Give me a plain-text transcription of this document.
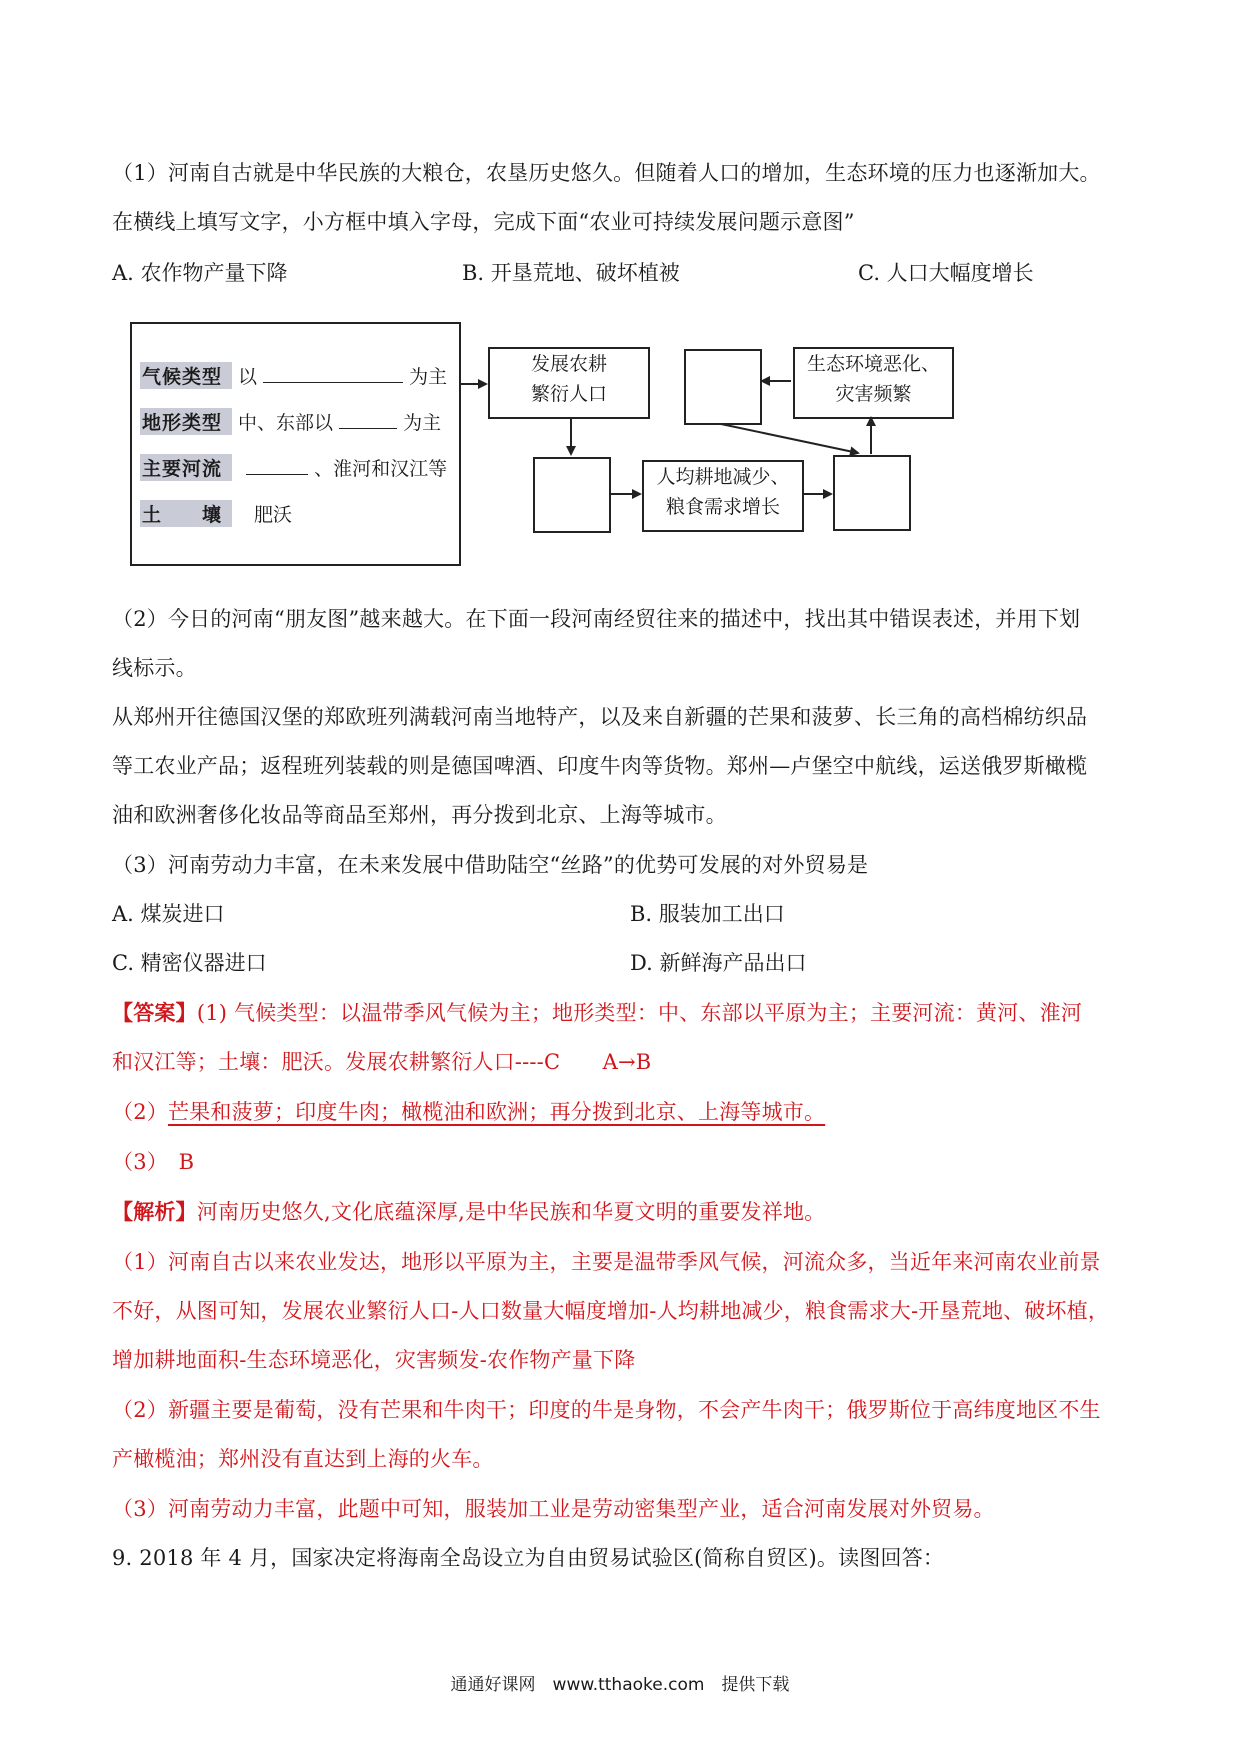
（1）河南自古就是中华民族的大粮仓，农垦历史悠久。但随着人口的增加，生态环境的压力也逐渐加大。
在横线上填写文字，小方框中填入字母，完成下面“农业可持续发展问题示意图”
A. 农作物产量下降	B. 开垦荒地、破坏植被	C. 人口大幅度增长
气候类型 以	为主
地形类型 中、东部以	为主
主要河流	、淮河和汉江等
土　　壤 肥沃
发展农耕
繁衍人口
生态环境恶化、
灾害频繁
人均耕地减少、
粮食需求增长
（2）今日的河南“朋友图”越来越大。在下面一段河南经贸往来的描述中，找出其中错误表述，并用下划
线标示。
从郑州开往德国汉堡的郑欧班列满载河南当地特产，以及来自新疆的芒果和菠萝、长三角的高档棉纺织品
等工农业产品；返程班列装载的则是德国啤酒、印度牛肉等货物。郑州—卢堡空中航线，运送俄罗斯橄榄
油和欧洲奢侈化妆品等商品至郑州，再分拨到北京、上海等城市。
（3）河南劳动力丰富，在未来发展中借助陆空“丝路”的优势可发展的对外贸易是
A. 煤炭进口	B. 服装加工出口
C. 精密仪器进口	D. 新鲜海产品出口
【答案】(1) 气候类型：以温带季风气候为主；地形类型：中、东部以平原为主；主要河流：黄河、淮河
和汉江等；土壤：肥沃。发展农耕繁衍人口----C　　A→B
（2）芒果和菠萝；印度牛肉；橄榄油和欧洲；再分拨到北京、上海等城市。
（3）　B
【解析】河南历史悠久,文化底蕴深厚,是中华民族和华夏文明的重要发祥地。
（1）河南自古以来农业发达，地形以平原为主，主要是温带季风气候，河流众多，当近年来河南农业前景
不好，从图可知，发展农业繁衍人口-人口数量大幅度增加-人均耕地减少，粮食需求大-开垦荒地、破坏植，
增加耕地面积-生态环境恶化，灾害频发-农作物产量下降
（2）新疆主要是葡萄，没有芒果和牛肉干；印度的牛是身物，不会产牛肉干；俄罗斯位于高纬度地区不生
产橄榄油；郑州没有直达到上海的火车。
（3）河南劳动力丰富，此题中可知，服装加工业是劳动密集型产业，适合河南发展对外贸易。
9. 2018 年 4 月，国家决定将海南全岛设立为自由贸易试验区(简称自贸区)。读图回答：
通通好课网　www.tthaoke.com　提供下载
